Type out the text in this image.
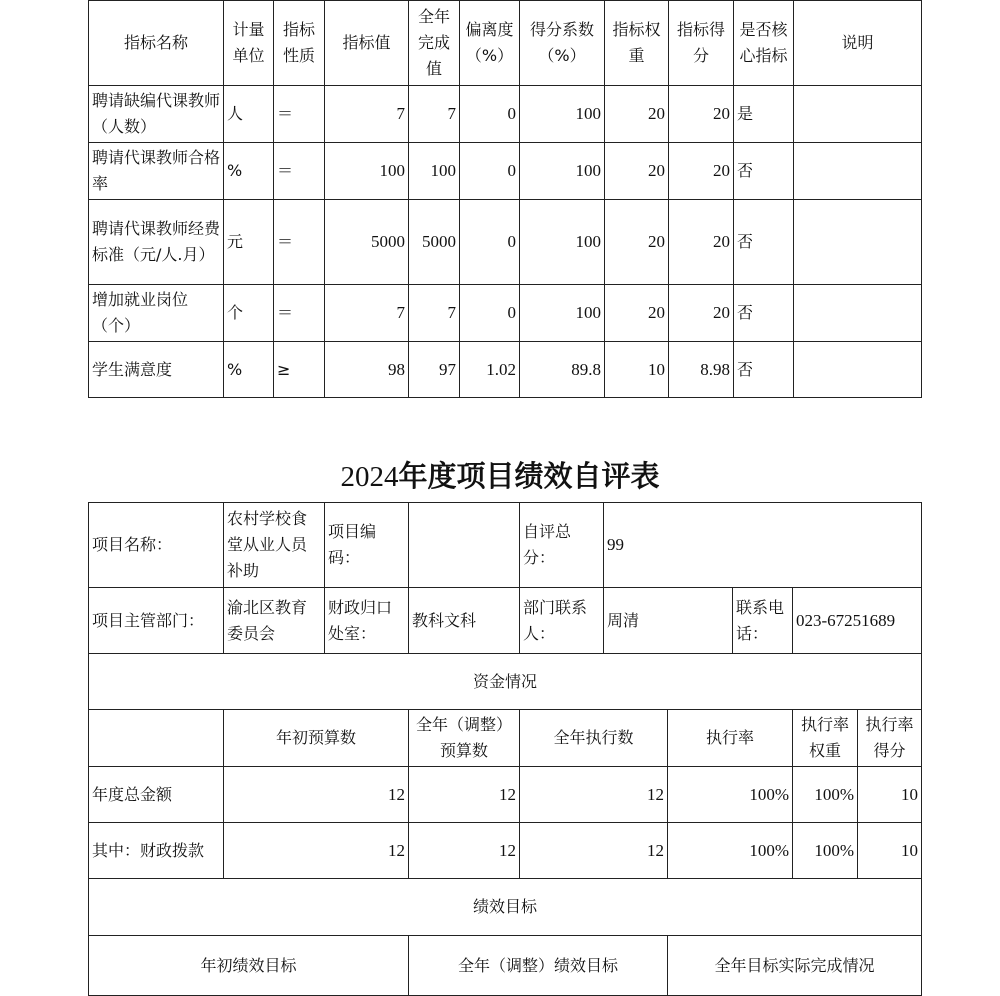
指标名称	计量单位	指标性质	指标值	全年完成值	偏离度（%）	得分系数（%）	指标权重	指标得分	是否核心指标	说明
聘请缺编代课教师（人数）	人	＝	7	7	0	100	20	20	是	
聘请代课教师合格率	%	＝	100	100	0	100	20	20	否	
聘请代课教师经费标准（元/人.月）	元	＝	5000	5000	0	100	20	20	否	
增加就业岗位（个）	个	＝	7	7	0	100	20	20	否	
学生满意度	%	≥	98	97	1.02	89.8	10	8.98	否	
2024年度项目绩效自评表
项目名称：	农村学校食堂从业人员补助	项目编码：		自评总分：	99				
项目主管部门：	渝北区教育委员会	财政归口处室：	教科文科	部门联系人：	周清		联系电话：	023-67251689	
资金情况									
	年初预算数		全年（调整）预算数	全年执行数		执行率		执行率权重	执行率得分
年度总金额	12		12	12		100%		100%	10
其中：财政拨款	12		12	12		100%		100%	10
绩效目标									
年初绩效目标			全年（调整）绩效目标			全年目标实际完成情况			
